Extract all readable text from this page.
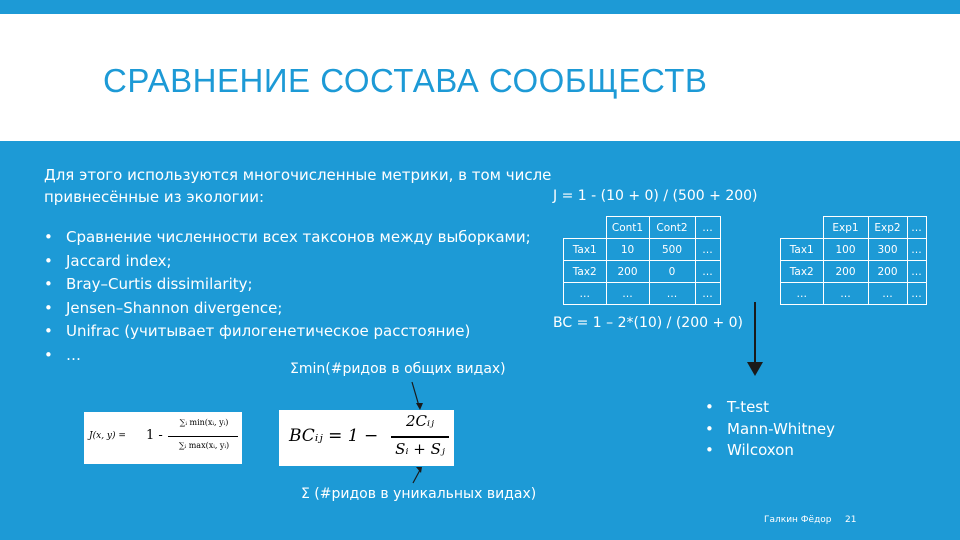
СРАВНЕНИЕ СОСТАВА СООБЩЕСТВ
Для этого используются многочисленные метрики, в том числе
привнесённые из экологии:
• Сравнение численности всех таксонов между выборками;
• Jaccard index;
• Bray–Curtis dissimilarity;
• Jensen–Shannon divergence;
• Unifrac (учитывает филогенетическое расстояние)
• …
Σmin(#ридов в общих видах)
J = 1 - (10 + 0) / (500 + 200)
	Cont1	Cont2	…
Tax1	10	500	…
Tax2	200	0	…
…	…	…	…
	Exp1	Exp2	…
Tax1	100	300	…
Tax2	200	200	…
…	…	…	…
BC = 1 – 2*(10) / (200 + 0)
J(x, y) = 1 -
∑ᵢ min(xᵢ, yᵢ)
∑ᵢ max(xᵢ, yᵢ)	BCᵢⱼ = 1 −
2Cᵢⱼ
Sᵢ + Sⱼ
• T-test
• Mann-Whitney
• Wilcoxon
Σ (#ридов в уникальных видах)
Галкин Фёдор 21
